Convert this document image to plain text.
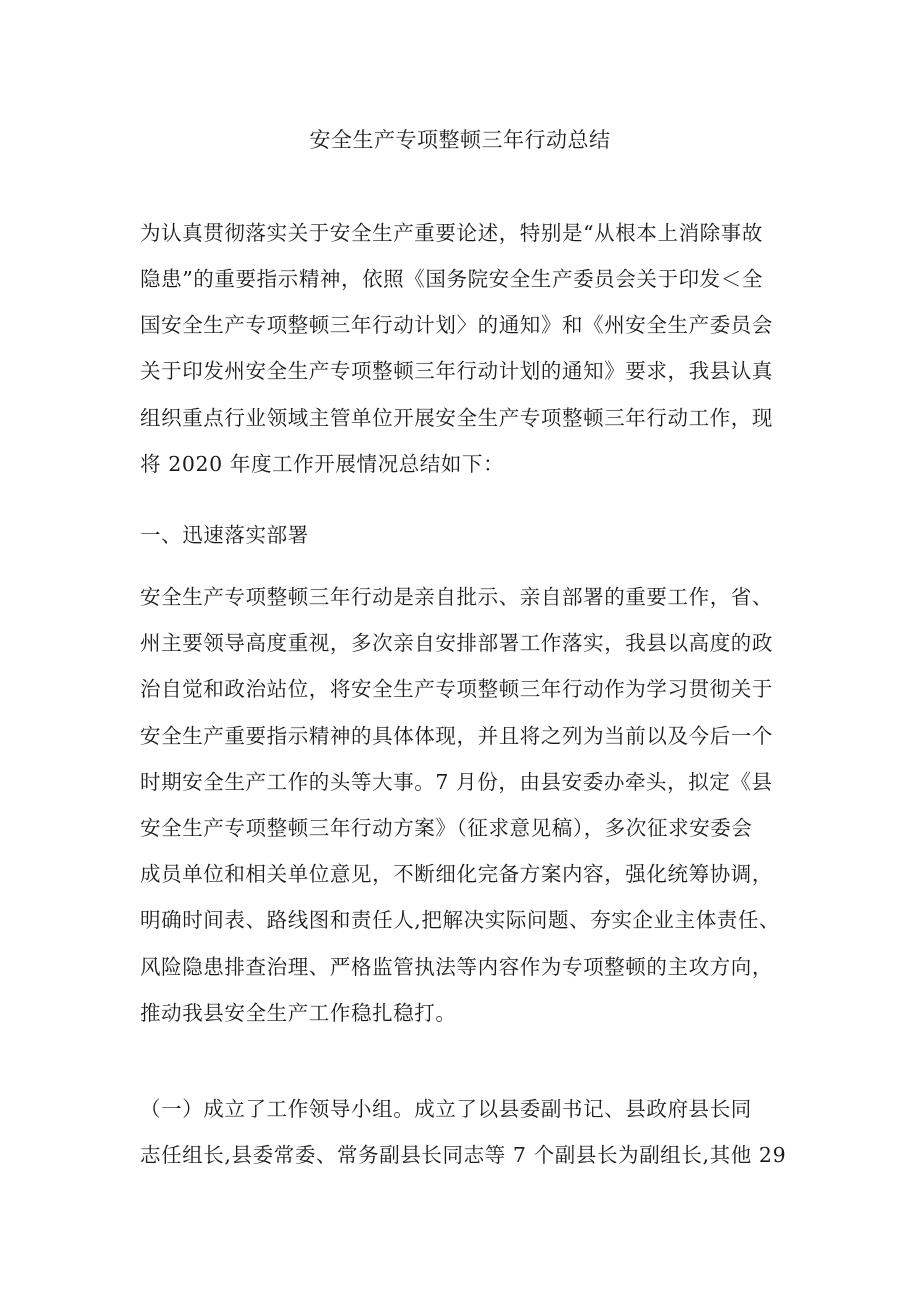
安全生产专项整顿三年行动总结
为认真贯彻落实关于安全生产重要论述，特别是“从根本上消除事故
隐患”的重要指示精神，依照《国务院安全生产委员会关于印发＜全
国安全生产专项整顿三年行动计划〉的通知》和《州安全生产委员会
关于印发州安全生产专项整顿三年行动计划的通知》要求，我县认真
组织重点行业领域主管单位开展安全生产专项整顿三年行动工作，现
将 2020 年度工作开展情况总结如下：
一、迅速落实部署
安全生产专项整顿三年行动是亲自批示、亲自部署的重要工作，省、
州主要领导高度重视，多次亲自安排部署工作落实，我县以高度的政
治自觉和政治站位，将安全生产专项整顿三年行动作为学习贯彻关于
安全生产重要指示精神的具体体现，并且将之列为当前以及今后一个
时期安全生产工作的头等大事。7 月份，由县安委办牵头，拟定《县
安全生产专项整顿三年行动方案》（征求意见稿），多次征求安委会
成员单位和相关单位意见，不断细化完备方案内容，强化统筹协调，
明确时间表、路线图和责任人,把解决实际问题、夯实企业主体责任、
风险隐患排查治理、严格监管执法等内容作为专项整顿的主攻方向，
推动我县安全生产工作稳扎稳打。
（一）成立了工作领导小组。成立了以县委副书记、县政府县长同
志任组长,县委常委、常务副县长同志等 7 个副县长为副组长,其他 29
